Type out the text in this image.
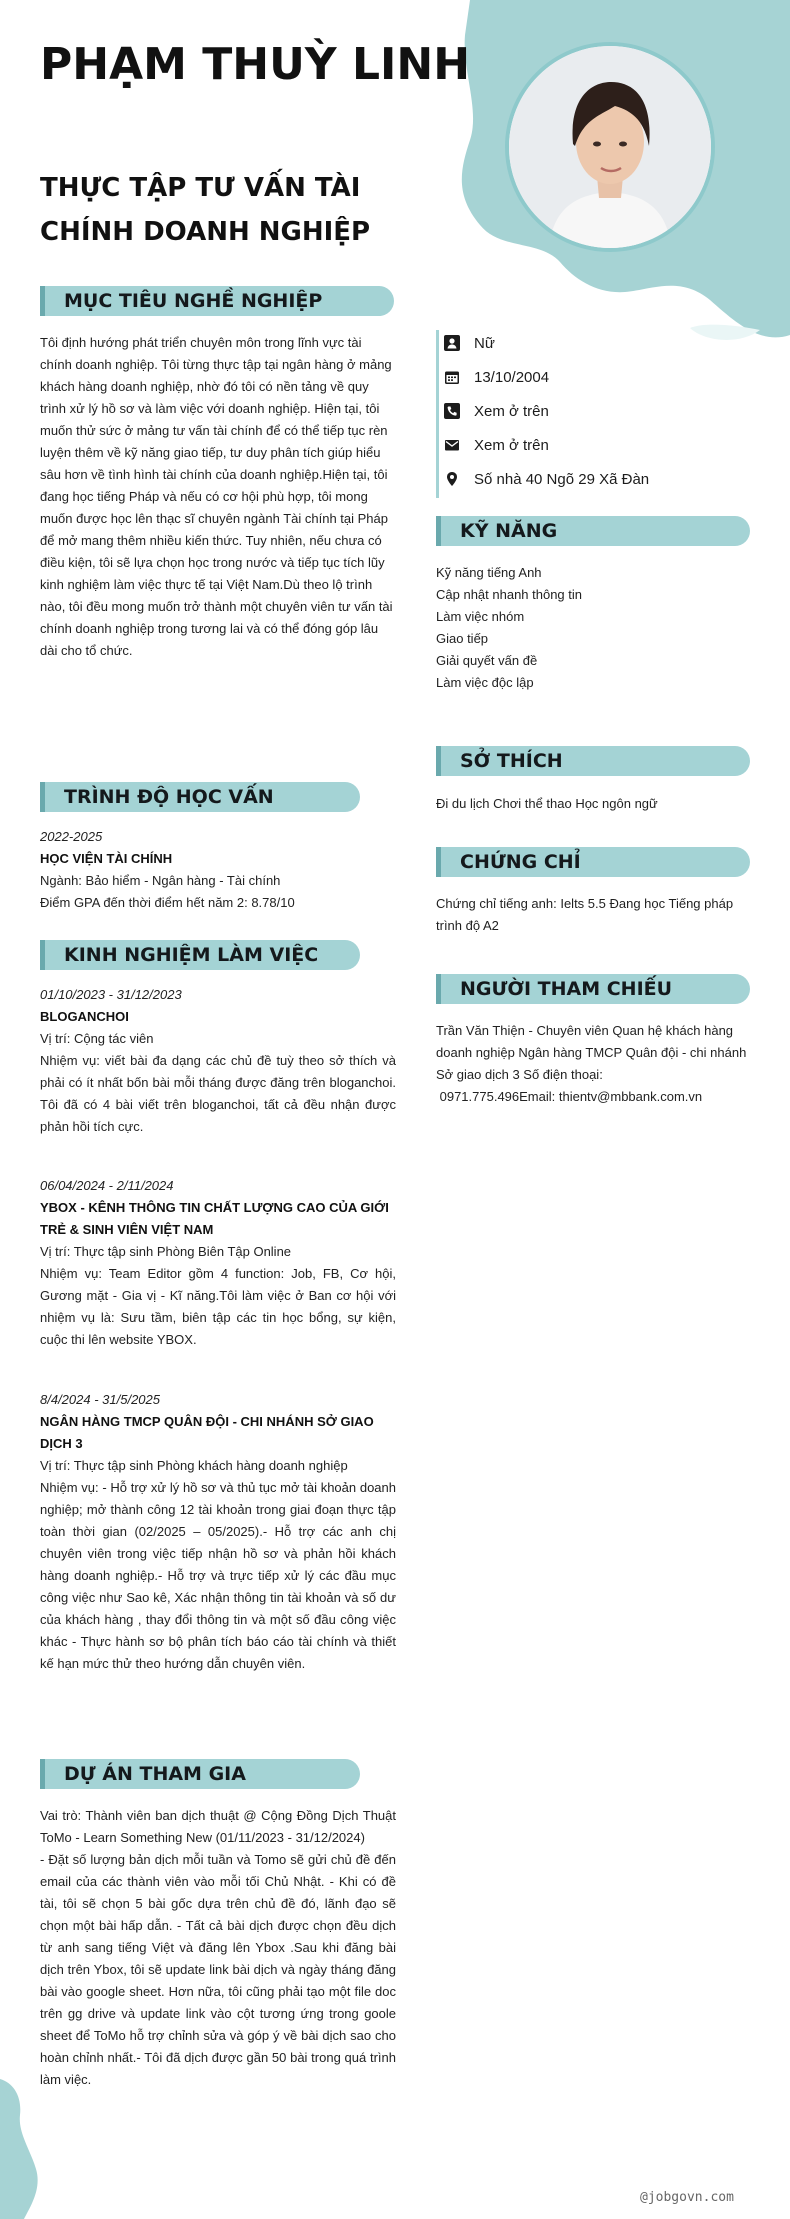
PHẠM THUỲ LINH
THỰC TẬP TƯ VẤN TÀI CHÍNH DOANH NGHIỆP
MỤC TIÊU NGHỀ NGHIỆP
Tôi định hướng phát triển chuyên môn trong lĩnh vực tài chính doanh nghiệp. Tôi từng thực tập tại ngân hàng ở mảng khách hàng doanh nghiệp, nhờ đó tôi có nền tảng về quy trình xử lý hồ sơ và làm việc với doanh nghiệp. Hiện tại, tôi muốn thử sức ở mảng tư vấn tài chính để có thể tiếp tục rèn luyện thêm về kỹ năng giao tiếp, tư duy phân tích giúp hiểu sâu hơn về tình hình tài chính của doanh nghiệp.Hiện tại, tôi đang học tiếng Pháp và nếu có cơ hội phù hợp, tôi mong muốn được học lên thạc sĩ chuyên ngành Tài chính tại Pháp để mở mang thêm nhiều kiến thức. Tuy nhiên, nếu chưa có điều kiện, tôi sẽ lựa chọn học trong nước và tiếp tục tích lũy kinh nghiệm làm việc thực tế tại Việt Nam.Dù theo lộ trình nào, tôi đều mong muốn trở thành một chuyên viên tư vấn tài chính doanh nghiệp trong tương lai và có thể đóng góp lâu dài cho tổ chức.
TRÌNH ĐỘ HỌC VẤN
2022-2025
HỌC VIỆN TÀI CHÍNH
Ngành: Bảo hiểm - Ngân hàng - Tài chính
Điểm GPA đến thời điểm hết năm 2: 8.78/10
KINH NGHIỆM LÀM VIỆC
01/10/2023 - 31/12/2023
BLOGANCHOI
Vị trí: Cộng tác viên
Nhiệm vụ: viết bài đa dạng các chủ đề tuỳ theo sở thích và phải có ít nhất bốn bài mỗi tháng được đăng trên bloganchoi. Tôi đã có 4 bài viết trên bloganchoi, tất cả đều nhận được phản hồi tích cực.
06/04/2024 - 2/11/2024
YBOX - KÊNH THÔNG TIN CHẤT LƯỢNG CAO CỦA GIỚI TRẺ & SINH VIÊN VIỆT NAM
Vị trí: Thực tập sinh Phòng Biên Tập Online
Nhiệm vụ: Team Editor gồm 4 function: Job, FB, Cơ hội, Gương mặt - Gia vị - Kĩ năng.Tôi làm việc ở Ban cơ hội với nhiệm vụ là: Sưu tầm, biên tập các tin học bổng, sự kiện, cuộc thi lên website YBOX.
8/4/2024 - 31/5/2025
NGÂN HÀNG TMCP QUÂN ĐỘI - CHI NHÁNH SỞ GIAO DỊCH 3
Vị trí: Thực tập sinh Phòng khách hàng doanh nghiệp
Nhiệm vụ: - Hỗ trợ xử lý hồ sơ và thủ tục mở tài khoản doanh nghiệp; mở thành công 12 tài khoản trong giai đoạn thực tập toàn thời gian (02/2025 – 05/2025).- Hỗ trợ các anh chị chuyên viên trong việc tiếp nhận hồ sơ và phản hồi khách hàng doanh nghiệp.- Hỗ trợ và trực tiếp xử lý các đầu mục công việc như Sao kê, Xác nhận thông tin tài khoản và số dư của khách hàng , thay đổi thông tin và một số đầu công việc khác - Thực hành sơ bộ phân tích báo cáo tài chính và thiết kế hạn mức thử theo hướng dẫn chuyên viên.
DỰ ÁN THAM GIA
Vai trò: Thành viên ban dịch thuật @ Cộng Đồng Dịch Thuật ToMo - Learn Something New (01/11/2023 - 31/12/2024)
- Đặt số lượng bản dịch mỗi tuần và Tomo sẽ gửi chủ đề đến email của các thành viên vào mỗi tối Chủ Nhật. - Khi có đề tài, tôi sẽ chọn 5 bài gốc dựa trên chủ đề đó, lãnh đạo sẽ chọn một bài hấp dẫn. - Tất cả bài dịch được chọn đều dịch từ anh sang tiếng Việt và đăng lên Ybox .Sau khi đăng bài dịch trên Ybox, tôi sẽ update link bài dịch và ngày tháng đăng bài vào google sheet. Hơn nữa, tôi cũng phải tạo một file doc trên gg drive và update link vào cột tương ứng trong goole sheet để ToMo hỗ trợ chỉnh sửa và góp ý về bài dịch sao cho hoàn chỉnh nhất.- Tôi đã dịch được gần 50 bài trong quá trình làm việc.
Nữ
13/10/2004
Xem ở trên
Xem ở trên
Số nhà 40 Ngõ 29 Xã Đàn
KỸ NĂNG
Kỹ năng tiếng Anh
Cập nhật nhanh thông tin
Làm việc nhóm
Giao tiếp
Giải quyết vấn đề
Làm việc độc lập
SỞ THÍCH
Đi du lịch Chơi thể thao Học ngôn ngữ
CHỨNG CHỈ
Chứng chỉ tiếng anh: Ielts 5.5 Đang học Tiếng pháp trình độ A2
NGƯỜI THAM CHIẾU
Trần Văn Thiện - Chuyên viên Quan hệ khách hàng doanh nghiệp Ngân hàng TMCP Quân đội - chi nhánh Sở giao dịch 3 Số điện thoại:
0971.775.496Email: thientv@mbbank.com.vn
@jobgovn.com
